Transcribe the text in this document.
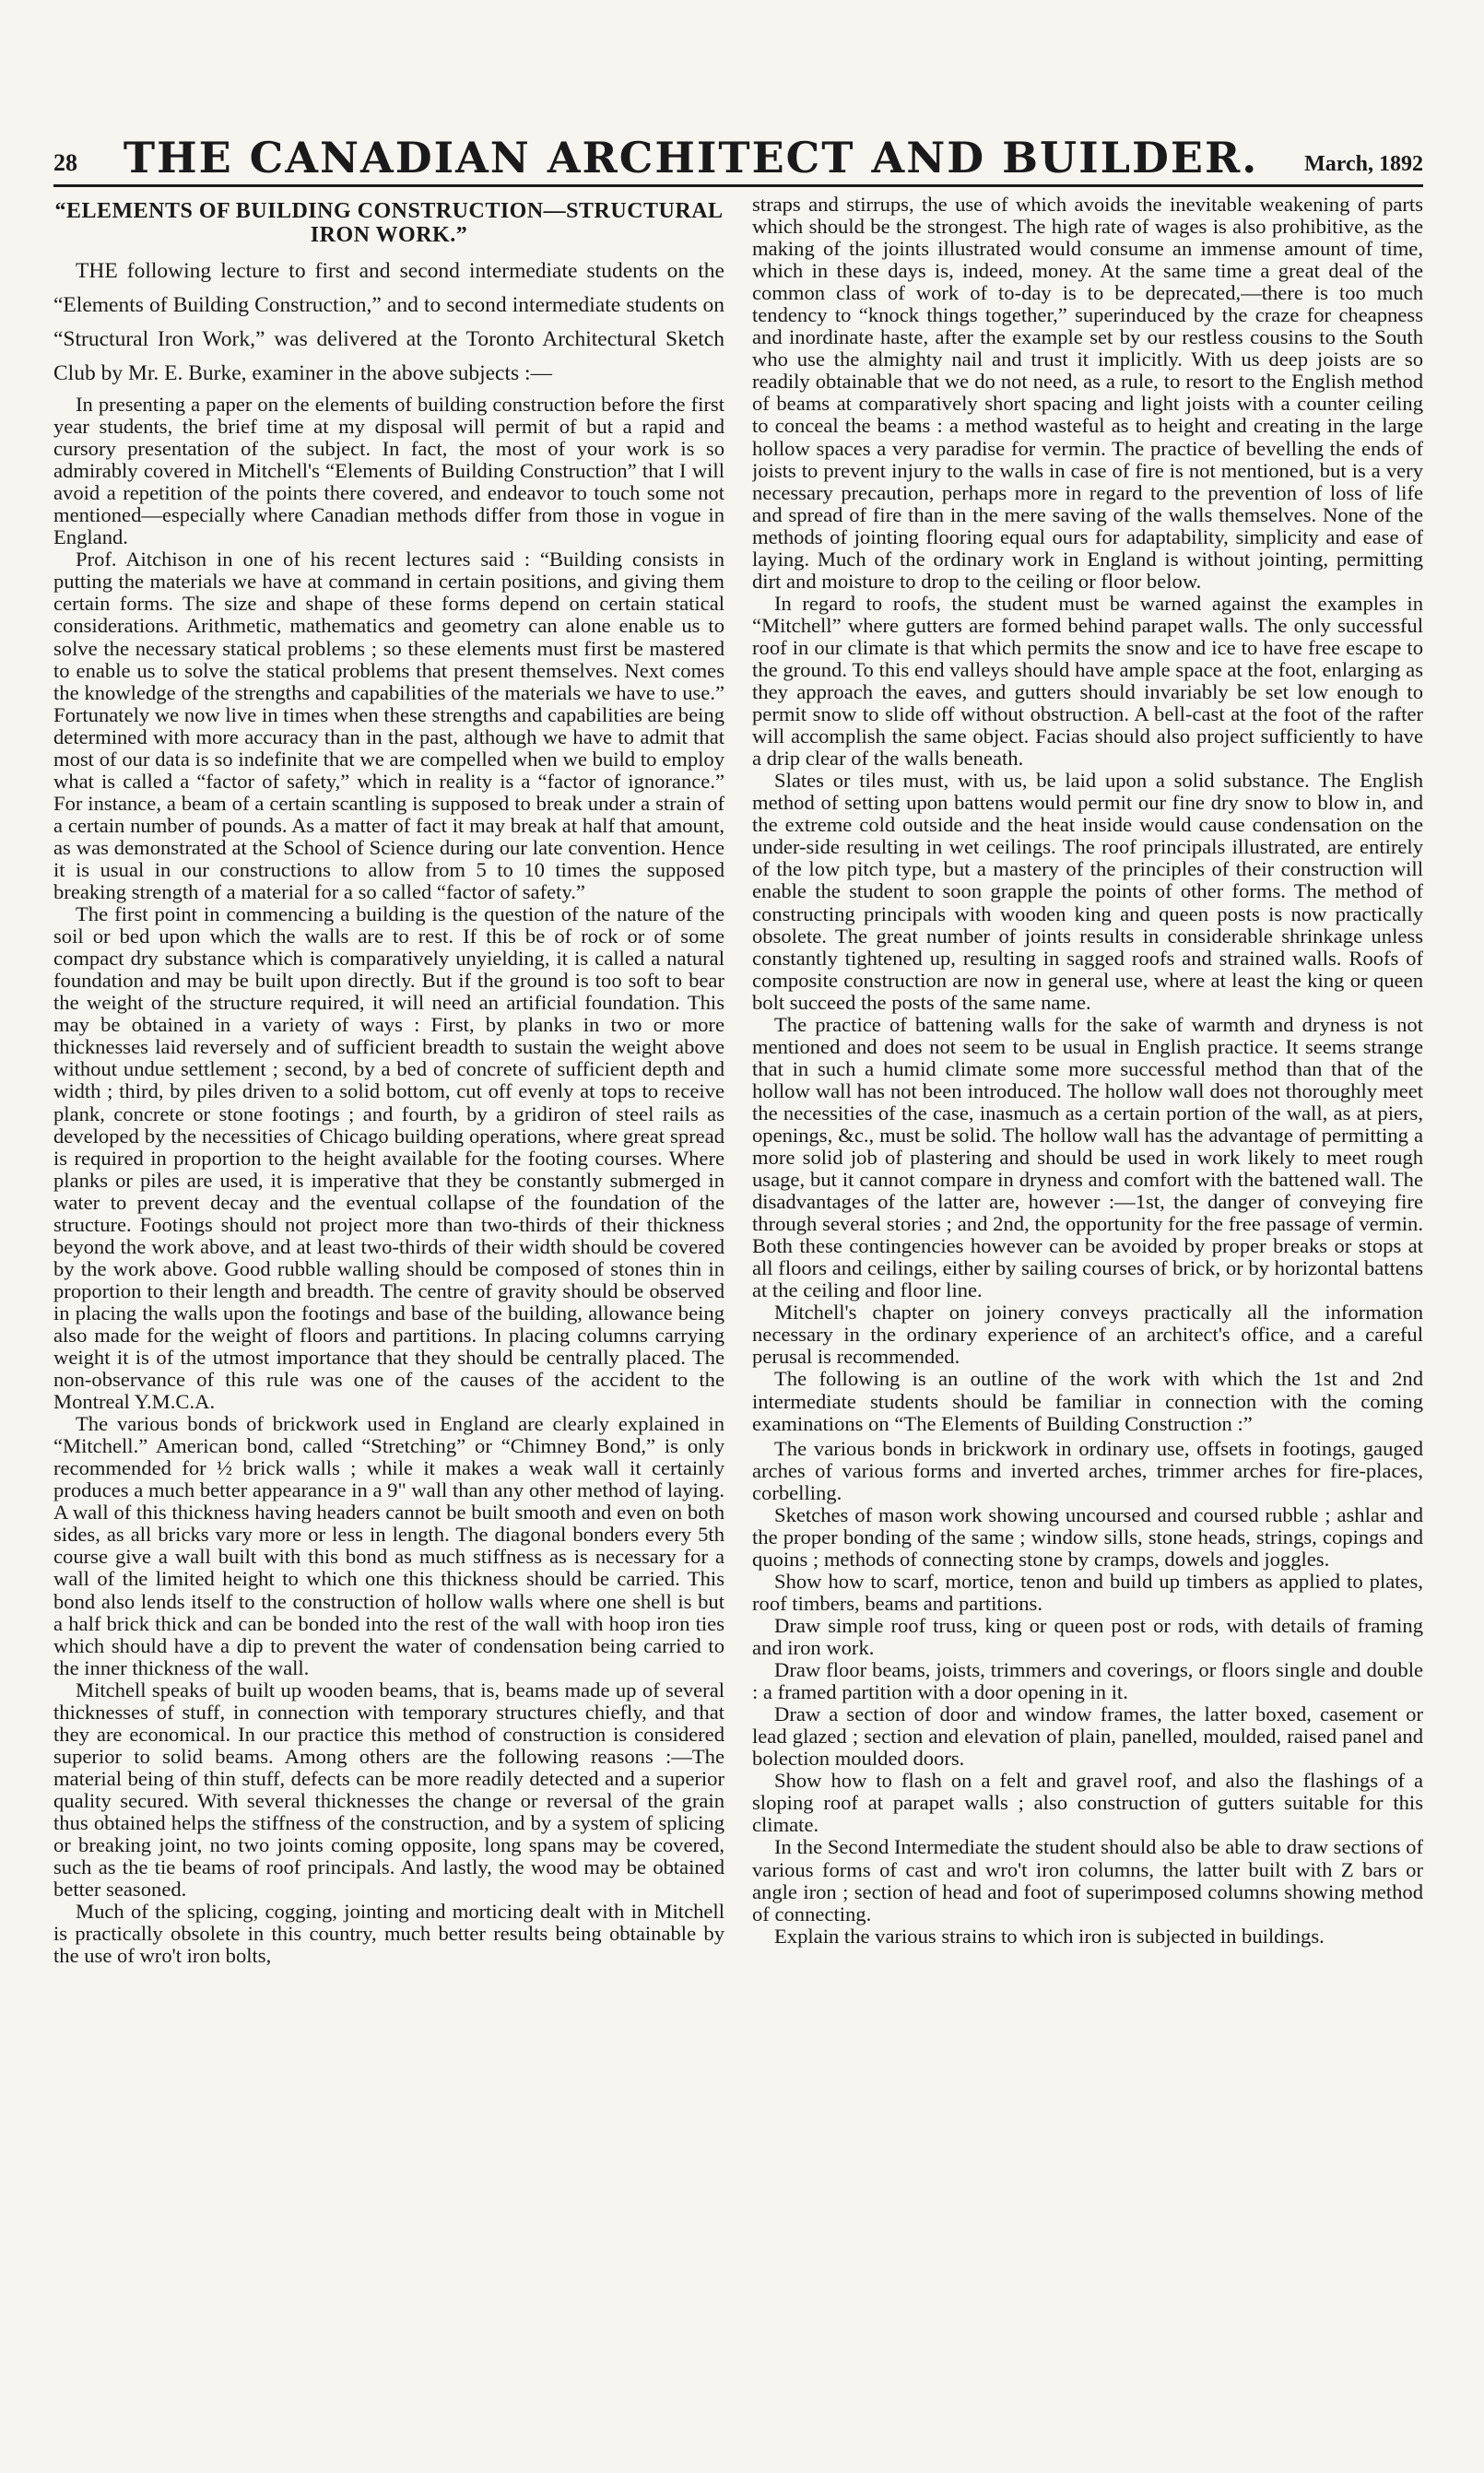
28 THE CANADIAN ARCHITECT AND BUILDER. March, 1892
“ELEMENTS OF BUILDING CONSTRUCTION—STRUCTURAL IRON WORK.”

THE following lecture to first and second intermediate students on the “Elements of Building Construction,” and to second intermediate students on “Structural Iron Work,” was delivered at the Toronto Architectural Sketch Club by Mr. E. Burke, examiner in the above subjects :—

In presenting a paper on the elements of building construction before the first year students, the brief time at my disposal will permit of but a rapid and cursory presentation of the subject. In fact, the most of your work is so admirably covered in Mitchell's “Elements of Building Construction” that I will avoid a repetition of the points there covered, and endeavor to touch some not mentioned—especially where Canadian methods differ from those in vogue in England.

Prof. Aitchison in one of his recent lectures said : “Building consists in putting the materials we have at command in certain positions, and giving them certain forms. The size and shape of these forms depend on certain statical considerations. Arithmetic, mathematics and geometry can alone enable us to solve the necessary statical problems ; so these elements must first be mastered to enable us to solve the statical problems that present themselves. Next comes the knowledge of the strengths and capabilities of the materials we have to use.” Fortunately we now live in times when these strengths and capabilities are being determined with more accuracy than in the past, although we have to admit that most of our data is so indefinite that we are compelled when we build to employ what is called a “factor of safety,” which in reality is a “factor of ignorance.” For instance, a beam of a certain scantling is supposed to break under a strain of a certain number of pounds. As a matter of fact it may break at half that amount, as was demonstrated at the School of Science during our late convention. Hence it is usual in our constructions to allow from 5 to 10 times the supposed breaking strength of a material for a so called “factor of safety.”

The first point in commencing a building is the question of the nature of the soil or bed upon which the walls are to rest. If this be of rock or of some compact dry substance which is comparatively unyielding, it is called a natural foundation and may be built upon directly. But if the ground is too soft to bear the weight of the structure required, it will need an artificial foundation. This may be obtained in a variety of ways : First, by planks in two or more thicknesses laid reversely and of sufficient breadth to sustain the weight above without undue settlement ; second, by a bed of concrete of sufficient depth and width ; third, by piles driven to a solid bottom, cut off evenly at tops to receive plank, concrete or stone footings ; and fourth, by a gridiron of steel rails as developed by the necessities of Chicago building operations, where great spread is required in proportion to the height available for the footing courses. Where planks or piles are used, it is imperative that they be constantly submerged in water to prevent decay and the eventual collapse of the foundation of the structure. Footings should not project more than two-thirds of their thickness beyond the work above, and at least two-thirds of their width should be covered by the work above. Good rubble walling should be composed of stones thin in proportion to their length and breadth. The centre of gravity should be observed in placing the walls upon the footings and base of the building, allowance being also made for the weight of floors and partitions. In placing columns carrying weight it is of the utmost importance that they should be centrally placed. The non-observance of this rule was one of the causes of the accident to the Montreal Y.M.C.A.

The various bonds of brickwork used in England are clearly explained in “Mitchell.” American bond, called “Stretching” or “Chimney Bond,” is only recommended for ½ brick walls ; while it makes a weak wall it certainly produces a much better appearance in a 9" wall than any other method of laying. A wall of this thickness having headers cannot be built smooth and even on both sides, as all bricks vary more or less in length. The diagonal bonders every 5th course give a wall built with this bond as much stiffness as is necessary for a wall of the limited height to which one this thickness should be carried. This bond also lends itself to the construction of hollow walls where one shell is but a half brick thick and can be bonded into the rest of the wall with hoop iron ties which should have a dip to prevent the water of condensation being carried to the inner thickness of the wall.

Mitchell speaks of built up wooden beams, that is, beams made up of several thicknesses of stuff, in connection with temporary structures chiefly, and that they are economical. In our practice this method of construction is considered superior to solid beams. Among others are the following reasons :—The material being of thin stuff, defects can be more readily detected and a superior quality secured. With several thicknesses the change or reversal of the grain thus obtained helps the stiffness of the construction, and by a system of splicing or breaking joint, no two joints coming opposite, long spans may be covered, such as the tie beams of roof principals. And lastly, the wood may be obtained better seasoned.

Much of the splicing, cogging, jointing and morticing dealt with in Mitchell is practically obsolete in this country, much better results being obtainable by the use of wro't iron bolts,

straps and stirrups, the use of which avoids the inevitable weakening of parts which should be the strongest. The high rate of wages is also prohibitive, as the making of the joints illustrated would consume an immense amount of time, which in these days is, indeed, money. At the same time a great deal of the common class of work of to-day is to be deprecated,—there is too much tendency to “knock things together,” superinduced by the craze for cheapness and inordinate haste, after the example set by our restless cousins to the South who use the almighty nail and trust it implicitly. With us deep joists are so readily obtainable that we do not need, as a rule, to resort to the English method of beams at comparatively short spacing and light joists with a counter ceiling to conceal the beams : a method wasteful as to height and creating in the large hollow spaces a very paradise for vermin. The practice of bevelling the ends of joists to prevent injury to the walls in case of fire is not mentioned, but is a very necessary precaution, perhaps more in regard to the prevention of loss of life and spread of fire than in the mere saving of the walls themselves. None of the methods of jointing flooring equal ours for adaptability, simplicity and ease of laying. Much of the ordinary work in England is without jointing, permitting dirt and moisture to drop to the ceiling or floor below.

In regard to roofs, the student must be warned against the examples in “Mitchell” where gutters are formed behind parapet walls. The only successful roof in our climate is that which permits the snow and ice to have free escape to the ground. To this end valleys should have ample space at the foot, enlarging as they approach the eaves, and gutters should invariably be set low enough to permit snow to slide off without obstruction. A bell-cast at the foot of the rafter will accomplish the same object. Facias should also project sufficiently to have a drip clear of the walls beneath.

Slates or tiles must, with us, be laid upon a solid substance. The English method of setting upon battens would permit our fine dry snow to blow in, and the extreme cold outside and the heat inside would cause condensation on the under-side resulting in wet ceilings. The roof principals illustrated, are entirely of the low pitch type, but a mastery of the principles of their construction will enable the student to soon grapple the points of other forms. The method of constructing principals with wooden king and queen posts is now practically obsolete. The great number of joints results in considerable shrinkage unless constantly tightened up, resulting in sagged roofs and strained walls. Roofs of composite construction are now in general use, where at least the king or queen bolt succeed the posts of the same name.

The practice of battening walls for the sake of warmth and dryness is not mentioned and does not seem to be usual in English practice. It seems strange that in such a humid climate some more successful method than that of the hollow wall has not been introduced. The hollow wall does not thoroughly meet the necessities of the case, inasmuch as a certain portion of the wall, as at piers, openings, &c., must be solid. The hollow wall has the advantage of permitting a more solid job of plastering and should be used in work likely to meet rough usage, but it cannot compare in dryness and comfort with the battened wall. The disadvantages of the latter are, however :—1st, the danger of conveying fire through several stories ; and 2nd, the opportunity for the free passage of vermin. Both these contingencies however can be avoided by proper breaks or stops at all floors and ceilings, either by sailing courses of brick, or by horizontal battens at the ceiling and floor line.

Mitchell's chapter on joinery conveys practically all the information necessary in the ordinary experience of an architect's office, and a careful perusal is recommended.

The following is an outline of the work with which the 1st and 2nd intermediate students should be familiar in connection with the coming examinations on “The Elements of Building Construction :”

The various bonds in brickwork in ordinary use, offsets in footings, gauged arches of various forms and inverted arches, trimmer arches for fire-places, corbelling.

Sketches of mason work showing uncoursed and coursed rubble ; ashlar and the proper bonding of the same ; window sills, stone heads, strings, copings and quoins ; methods of connecting stone by cramps, dowels and joggles.

Show how to scarf, mortice, tenon and build up timbers as applied to plates, roof timbers, beams and partitions.

Draw simple roof truss, king or queen post or rods, with details of framing and iron work.

Draw floor beams, joists, trimmers and coverings, or floors single and double : a framed partition with a door opening in it.

Draw a section of door and window frames, the latter boxed, casement or lead glazed ; section and elevation of plain, panelled, moulded, raised panel and bolection moulded doors.

Show how to flash on a felt and gravel roof, and also the flashings of a sloping roof at parapet walls ; also construction of gutters suitable for this climate.

In the Second Intermediate the student should also be able to draw sections of various forms of cast and wro't iron columns, the latter built with Z bars or angle iron ; section of head and foot of superimposed columns showing method of connecting.

Explain the various strains to which iron is subjected in buildings.
